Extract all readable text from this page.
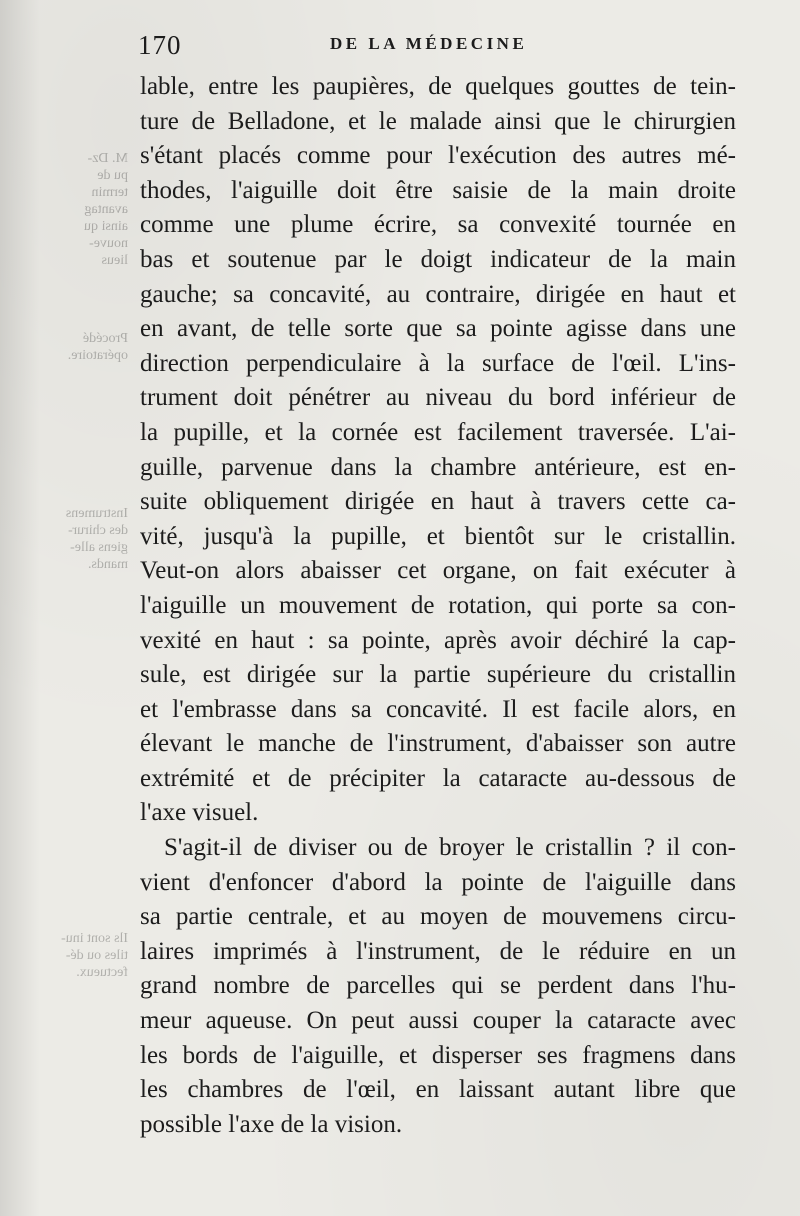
M. Dz-
pu de
termin
avantag
ainsi qu
nouve-
lieus
Procédé
opératoire.
Instrumens
des chirur-
giens alle-
mands.
Ils sont inu-
tiles ou dé-
fectueux.
170	DE LA MÉDECINE
lable, entre les paupières, de quelques gouttes de tein-
ture de Belladone, et le malade ainsi que le chirurgien
s'étant placés comme pour l'exécution des autres mé-
thodes, l'aiguille doit être saisie de la main droite
comme une plume écrire, sa convexité tournée en
bas et soutenue par le doigt indicateur de la main
gauche; sa concavité, au contraire, dirigée en haut et
en avant, de telle sorte que sa pointe agisse dans une
direction perpendiculaire à la surface de l'œil. L'ins-
trument doit pénétrer au niveau du bord inférieur de
la pupille, et la cornée est facilement traversée. L'ai-
guille, parvenue dans la chambre antérieure, est en-
suite obliquement dirigée en haut à travers cette ca-
vité, jusqu'à la pupille, et bientôt sur le cristallin.
Veut-on alors abaisser cet organe, on fait exécuter à
l'aiguille un mouvement de rotation, qui porte sa con-
vexité en haut : sa pointe, après avoir déchiré la cap-
sule, est dirigée sur la partie supérieure du cristallin
et l'embrasse dans sa concavité. Il est facile alors, en
élevant le manche de l'instrument, d'abaisser son autre
extrémité et de précipiter la cataracte au-dessous de
l'axe visuel.
S'agit-il de diviser ou de broyer le cristallin ? il con-
vient d'enfoncer d'abord la pointe de l'aiguille dans
sa partie centrale, et au moyen de mouvemens circu-
laires imprimés à l'instrument, de le réduire en un
grand nombre de parcelles qui se perdent dans l'hu-
meur aqueuse. On peut aussi couper la cataracte avec
les bords de l'aiguille, et disperser ses fragmens dans
les chambres de l'œil, en laissant autant libre que
possible l'axe de la vision.
